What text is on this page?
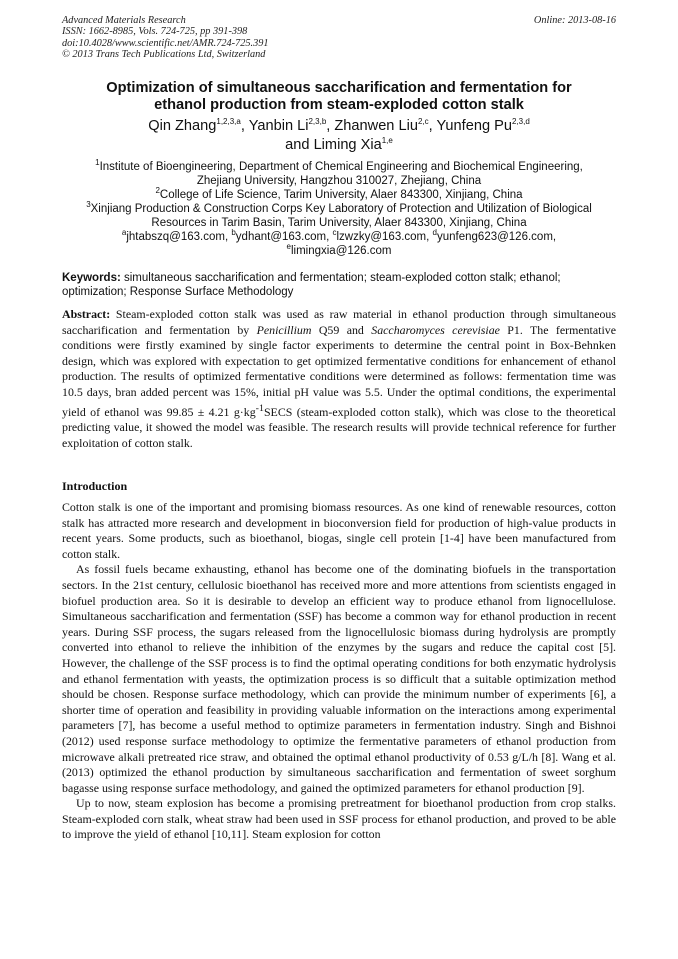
Advanced Materials Research
ISSN: 1662-8985, Vols. 724-725, pp 391-398
doi:10.4028/www.scientific.net/AMR.724-725.391
© 2013 Trans Tech Publications Ltd, Switzerland
Online: 2013-08-16
Optimization of simultaneous saccharification and fermentation for
ethanol production from steam-exploded cotton stalk
Qin Zhang$^{1,2,3,a}$, Yanbin Li$^{2,3,b}$, Zhanwen Liu$^{2,c}$, Yunfeng Pu$^{2,3,d}$
and Liming Xia$^{1,e}$
$^1$Institute of Bioengineering, Department of Chemical Engineering and Biochemical Engineering,
Zhejiang University, Hangzhou 310027, Zhejiang, China
$^2$College of Life Science, Tarim University, Alaer 843300, Xinjiang, China
$^3$Xinjiang Production & Construction Corps Key Laboratory of Protection and Utilization of Biological
Resources in Tarim Basin, Tarim University, Alaer 843300, Xinjiang, China
$^a$jhtabszq@163.com, $^b$ydhant@163.com, $^c$lzwzky@163.com, $^d$yunfeng623@126.com,
$^e$limingxia@126.com
Keywords: simultaneous saccharification and fermentation; steam-exploded cotton stalk; ethanol; optimization; Response Surface Methodology
Abstract: Steam-exploded cotton stalk was used as raw material in ethanol production through simultaneous saccharification and fermentation by Penicillium Q59 and Saccharomyces cerevisiae P1. The fermentative conditions were firstly examined by single factor experiments to determine the central point in Box-Behnken design, which was explored with expectation to get optimized fermentative conditions for enhancement of ethanol production. The results of optimized fermentative conditions were determined as follows: fermentation time was 10.5 days, bran added percent was 15%, initial pH value was 5.5. Under the optimal conditions, the experimental yield of ethanol was 99.85 ± 4.21 $g\cdot kg^{-1}SECS$ (steam-exploded cotton stalk), which was close to the theoretical predicting value, it showed the model was feasible. The research results will provide technical reference for further exploitation of cotton stalk.
Introduction

Cotton stalk is one of the important and promising biomass resources. As one kind of renewable resources, cotton stalk has attracted more research and development in bioconversion field for production of high-value products in recent years. Some products, such as bioethanol, biogas, single cell protein [1-4] have been manufactured from cotton stalk.

As fossil fuels became exhausting, ethanol has become one of the dominating biofuels in the transportation sectors. In the 21st century, cellulosic bioethanol has received more and more attentions from scientists engaged in biofuel production area. So it is desirable to develop an efficient way to produce ethanol from lignocellulose. Simultaneous saccharification and fermentation (SSF) has become a common way for ethanol production in recent years. During SSF process, the sugars released from the lignocellulosic biomass during hydrolysis are promptly converted into ethanol to relieve the inhibition of the enzymes by the sugars and reduce the capital cost [5]. However, the challenge of the SSF process is to find the optimal operating conditions for both enzymatic hydrolysis and ethanol fermentation with yeasts, the optimization process is so difficult that a suitable optimization method should be chosen. Response surface methodology, which can provide the minimum number of experiments [6], a shorter time of operation and feasibility in providing valuable information on the interactions among experimental parameters [7], has become a useful method to optimize parameters in fermentation industry. Singh and Bishnoi (2012) used response surface methodology to optimize the fermentative parameters of ethanol production from microwave alkali pretreated rice straw, and obtained the optimal ethanol productivity of 0.53 g/L/h [8]. Wang et al. (2013) optimized the ethanol production by simultaneous saccharification and fermentation of sweet sorghum bagasse using response surface methodology, and gained the optimized parameters for ethanol production [9].

Up to now, steam explosion has become a promising pretreatment for bioethanol production from crop stalks. Steam-exploded corn stalk, wheat straw had been used in SSF process for ethanol production, and proved to be able to improve the yield of ethanol [10,11]. Steam explosion for cotton
